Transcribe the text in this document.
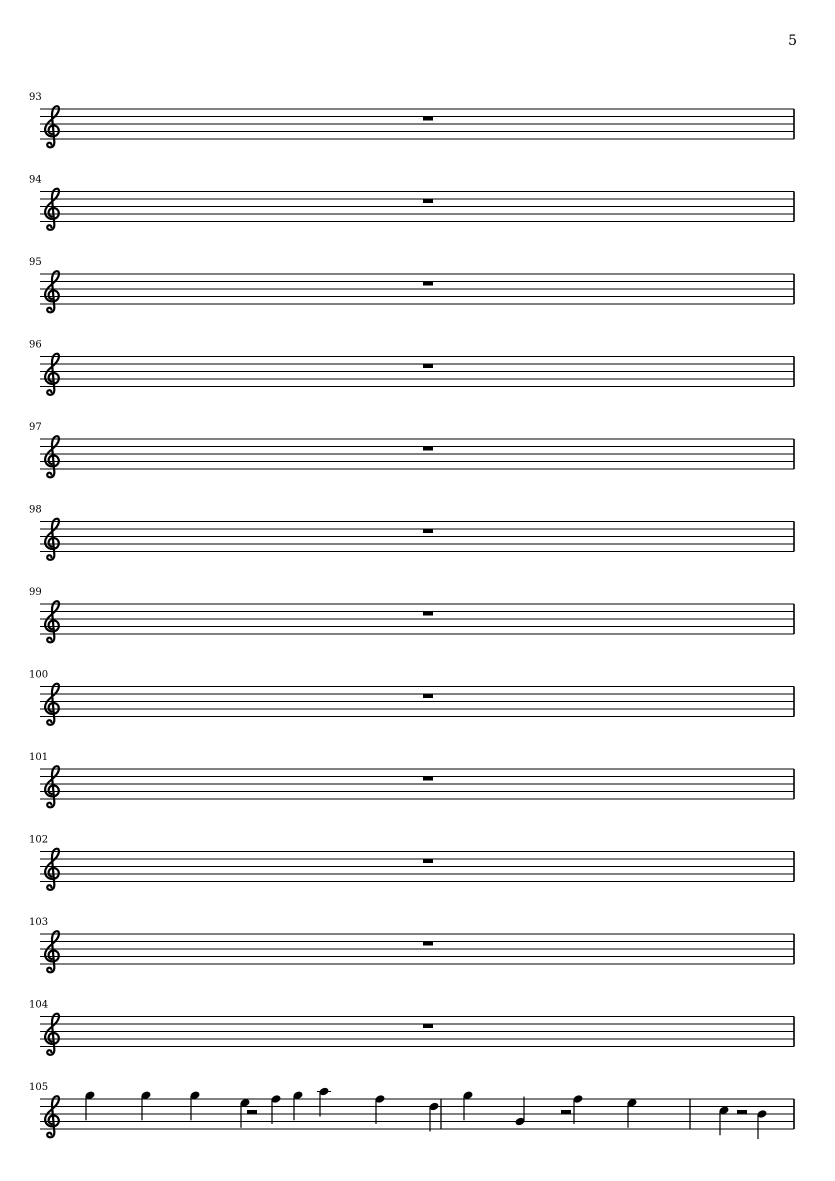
5
93
94
95
96
97
98
99
100
101
102
103
104
105
